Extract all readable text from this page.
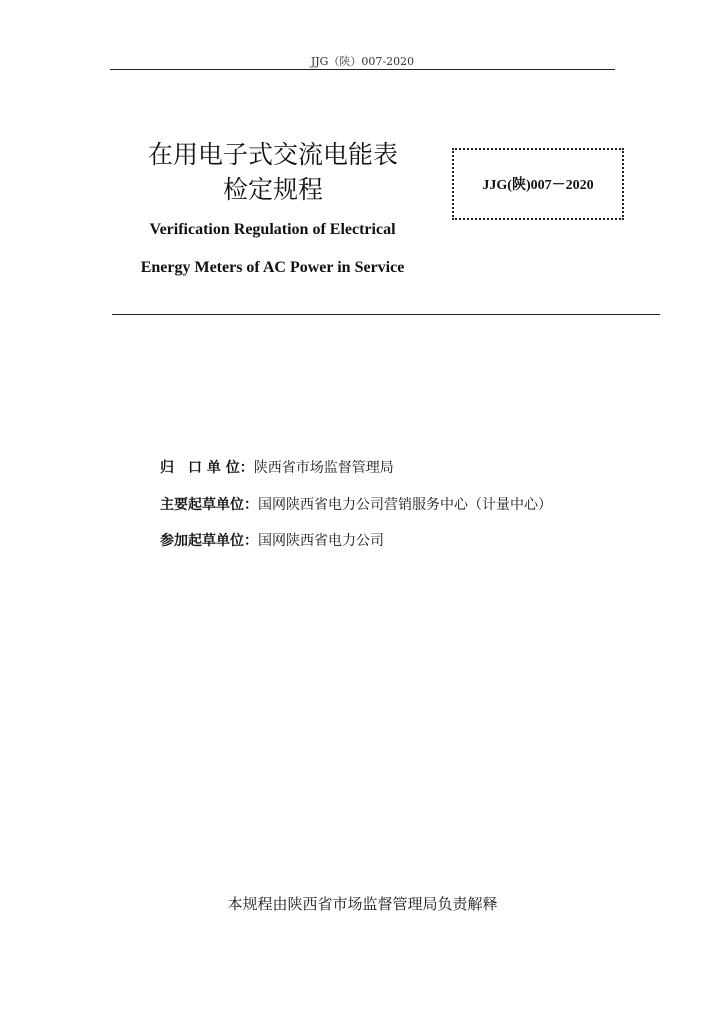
JJG（陕）007-2020
在用电子式交流电能表
检定规程	JJG(陕)007－2020
Verification Regulation of Electrical
Energy Meters of AC Power in Service
归　口 单 位：陕西省市场监督管理局
主要起草单位：国网陕西省电力公司营销服务中心（计量中心）
参加起草单位：国网陕西省电力公司
本规程由陕西省市场监督管理局负责解释
